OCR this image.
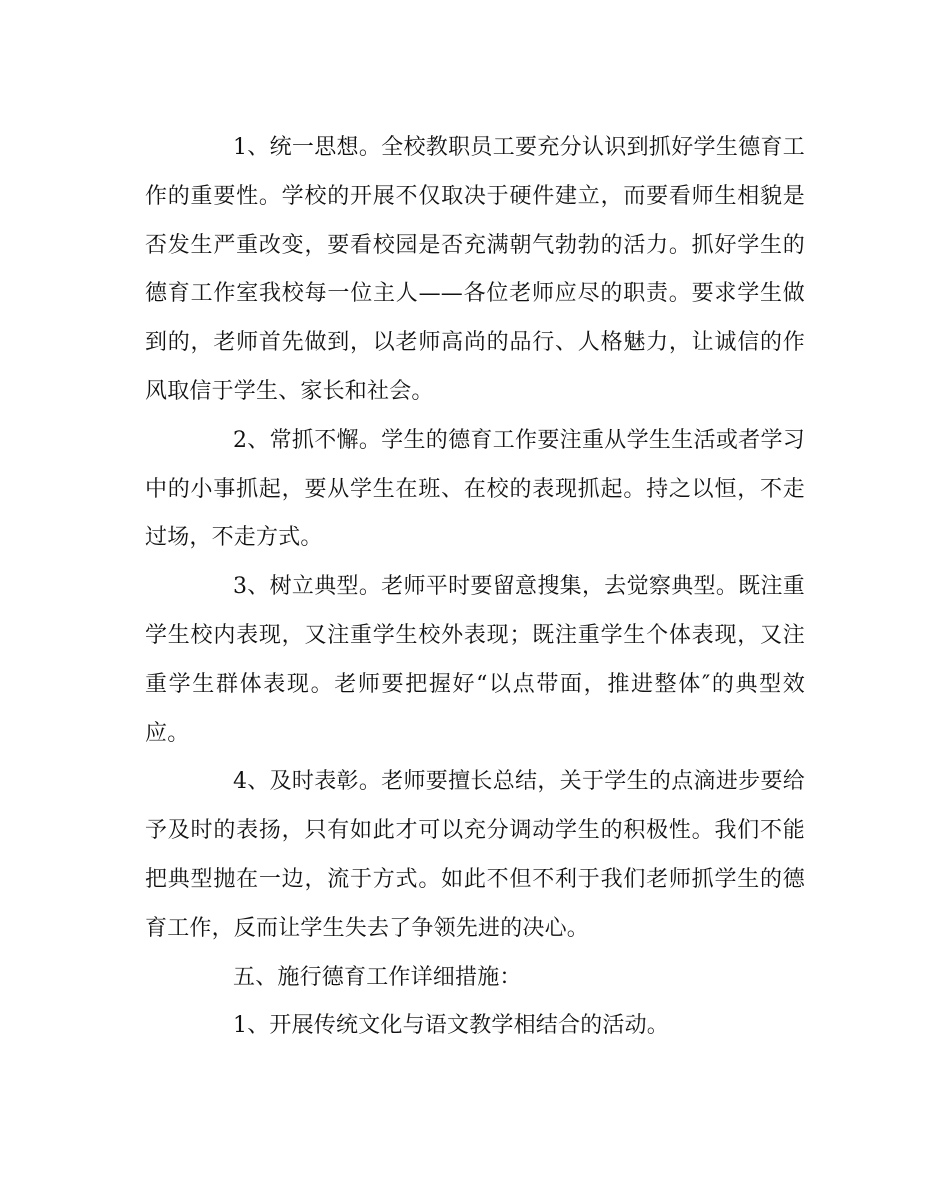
1、统一思想。全校教职员工要充分认识到抓好学生德育工作的重要性。学校的开展不仅取决于硬件建立，而要看师生相貌是否发生严重改变，要看校园是否充满朝气勃勃的活力。抓好学生的德育工作室我校每一位主人——各位老师应尽的职责。要求学生做到的，老师首先做到，以老师高尚的品行、人格魅力，让诚信的作风取信于学生、家长和社会。

2、常抓不懈。学生的德育工作要注重从学生生活或者学习中的小事抓起，要从学生在班、在校的表现抓起。持之以恒，不走过场，不走方式。

3、树立典型。老师平时要留意搜集，去觉察典型。既注重学生校内表现，又注重学生校外表现；既注重学生个体表现，又注重学生群体表现。老师要把握好“以点带面，推进整体″的典型效应。

4、及时表彰。老师要擅长总结，关于学生的点滴进步要给予及时的表扬，只有如此才可以充分调动学生的积极性。我们不能把典型抛在一边，流于方式。如此不但不利于我们老师抓学生的德育工作，反而让学生失去了争领先进的决心。

五、施行德育工作详细措施：

1、开展传统文化与语文教学相结合的活动。
